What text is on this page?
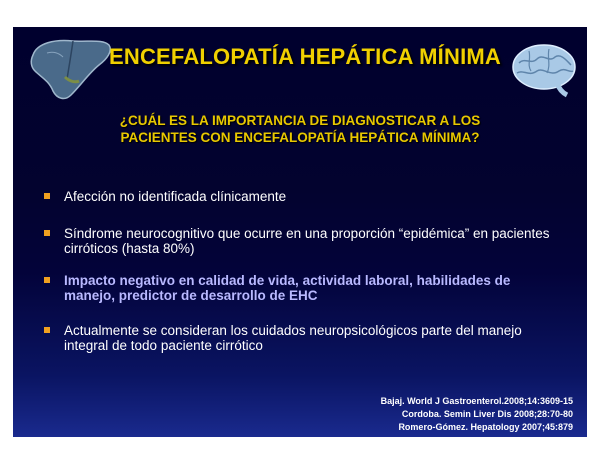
ENCEFALOPATÍA HEPÁTICA MÍNIMA
¿CUÁL ES LA IMPORTANCIA DE DIAGNOSTICAR A LOS
PACIENTES CON ENCEFALOPATÍA HEPÁTICA MÍNIMA?
Afección no identificada clínicamente
Síndrome neurocognitivo que ocurre en una proporción “epidémica” en pacientes cirróticos (hasta 80%)
Impacto negativo en calidad de vida, actividad laboral, habilidades de manejo, predictor de desarrollo de EHC
Actualmente se consideran los cuidados neuropsicológicos parte del manejo integral de todo paciente cirrótico
Bajaj. World J Gastroenterol.2008;14:3609-15
Cordoba. Semin Liver Dis 2008;28:70-80
Romero-Gómez. Hepatology 2007;45:879
